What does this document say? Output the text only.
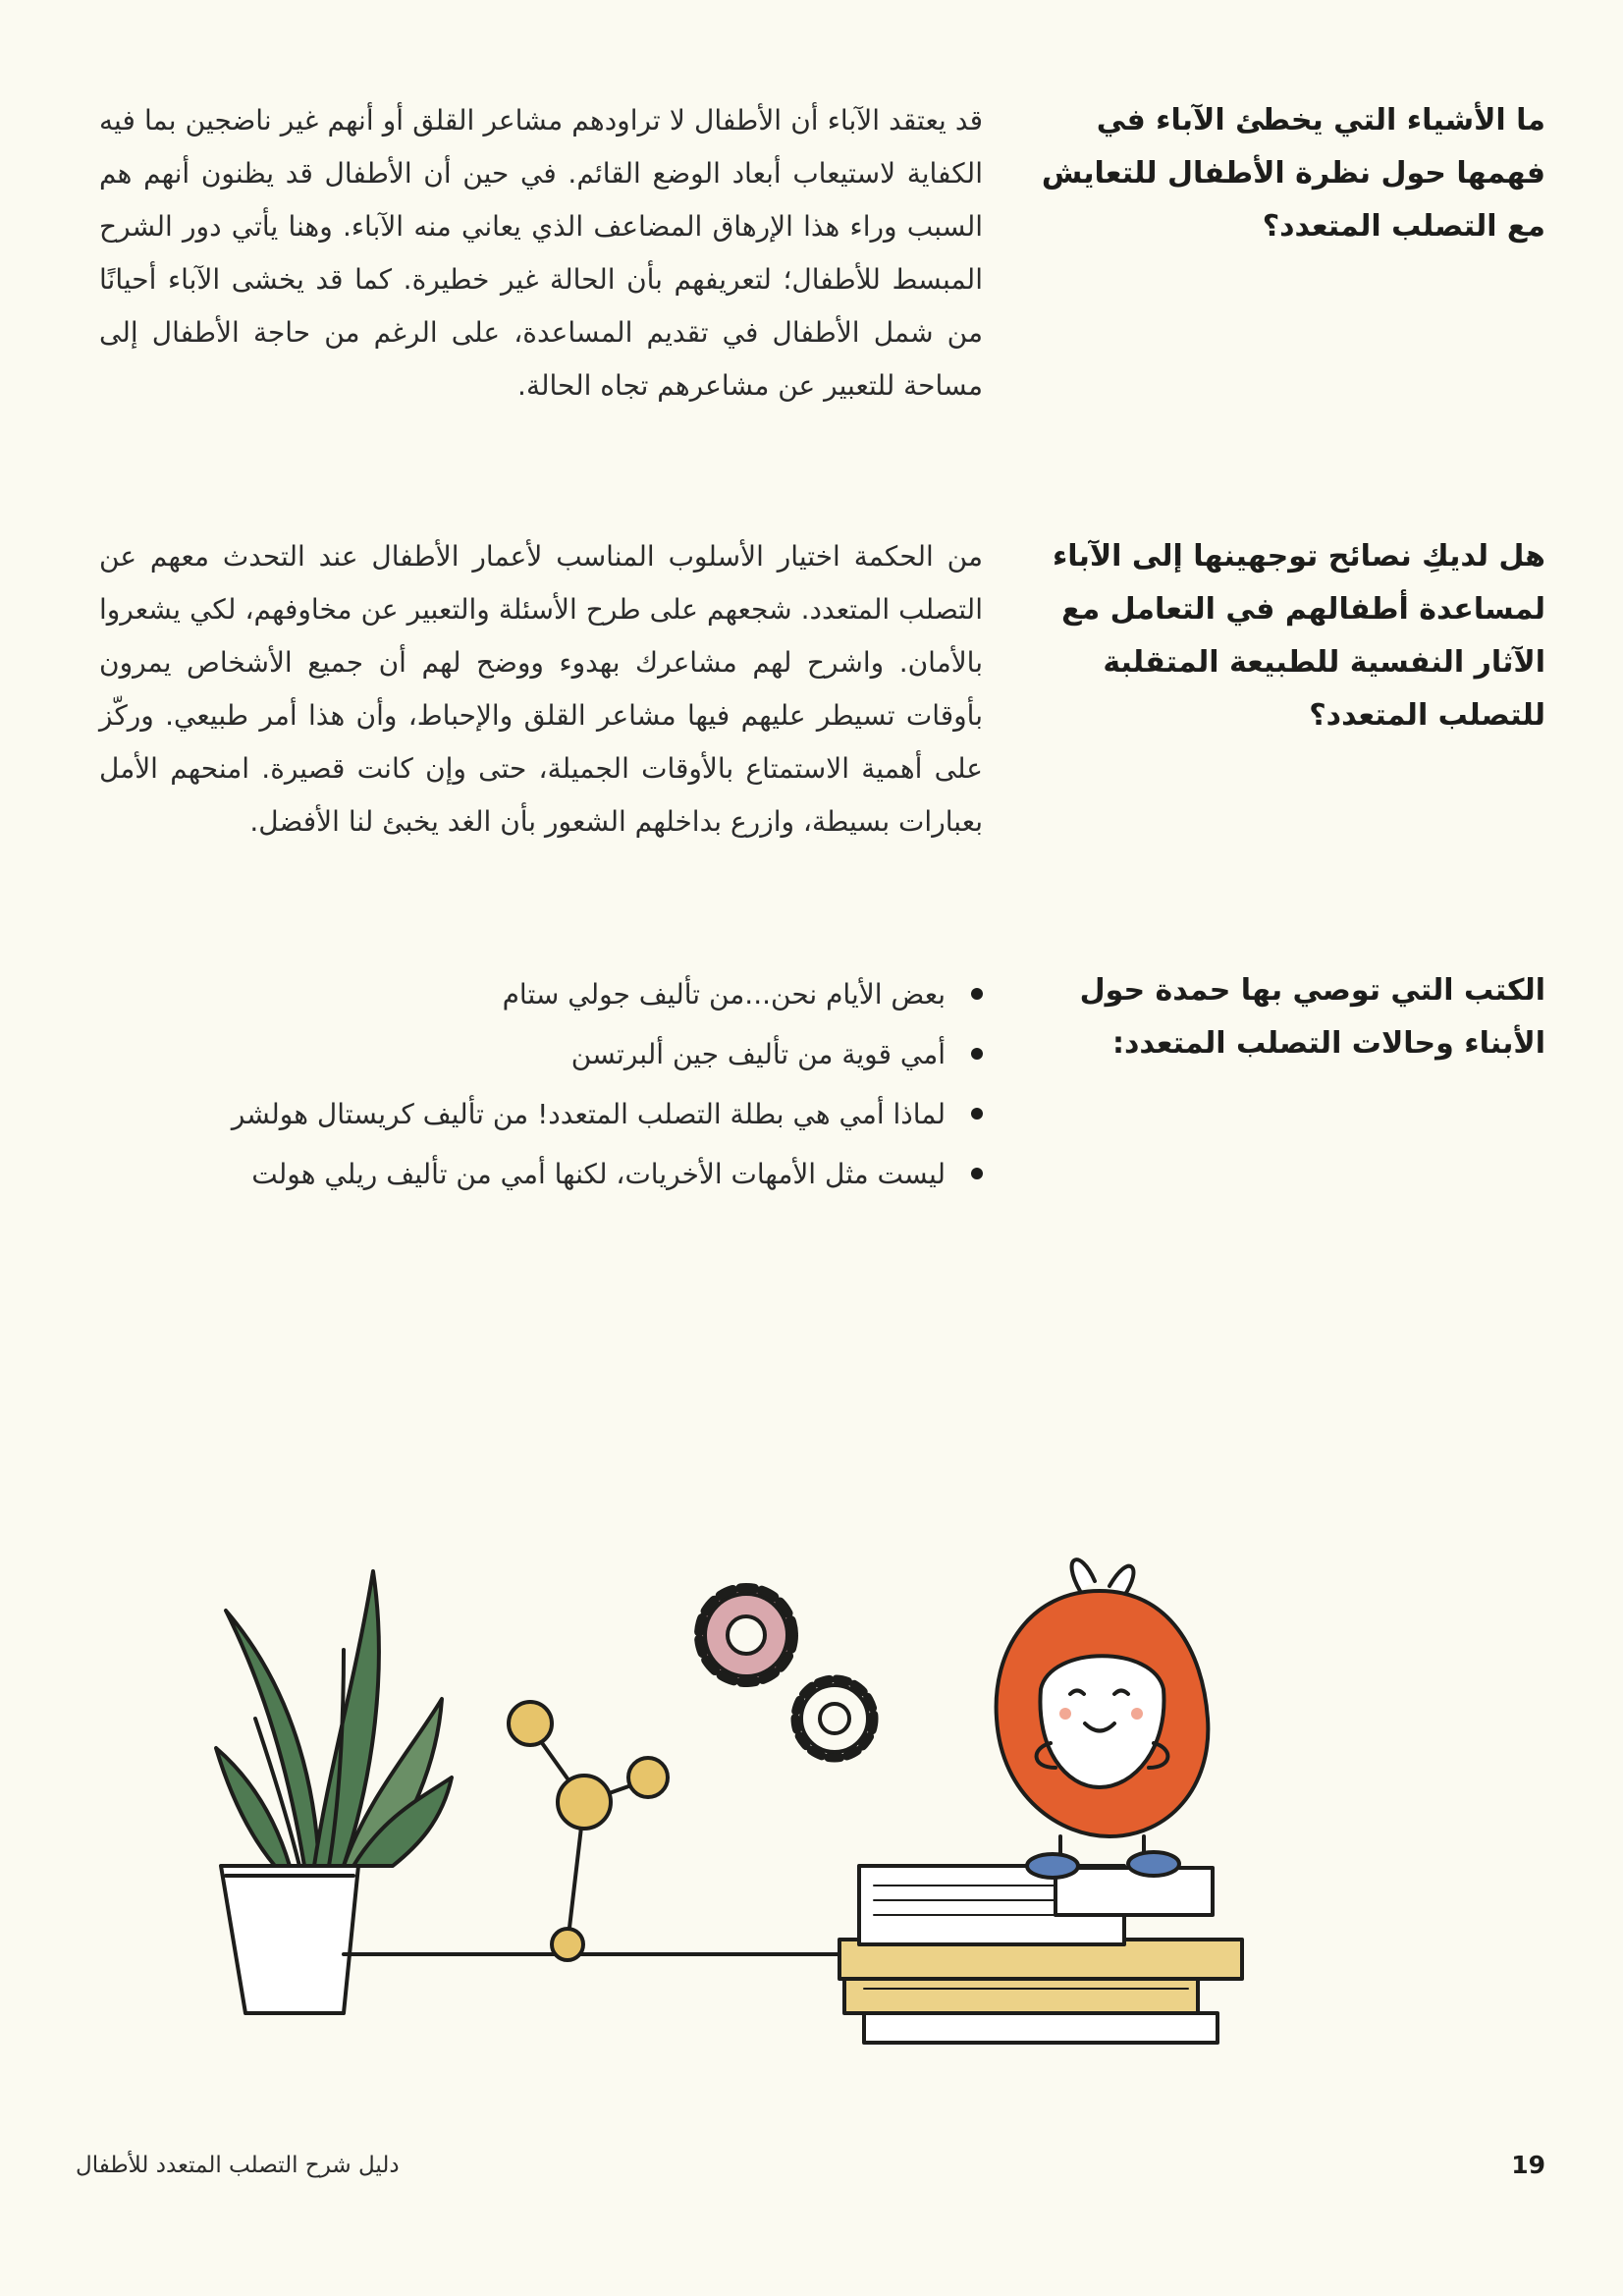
ما الأشياء التي يخطئ الآباء في فهمها حول نظرة الأطفال للتعايش مع التصلب المتعدد؟

قد يعتقد الآباء أن الأطفال لا تراودهم مشاعر القلق أو أنهم غير ناضجين بما فيه الكفاية لاستيعاب أبعاد الوضع القائم. في حين أن الأطفال قد يظنون أنهم هم السبب وراء هذا الإرهاق المضاعف الذي يعاني منه الآباء. وهنا يأتي دور الشرح المبسط للأطفال؛ لتعريفهم بأن الحالة غير خطيرة. كما قد يخشى الآباء أحيانًا من شمل الأطفال في تقديم المساعدة، على الرغم من حاجة الأطفال إلى مساحة للتعبير عن مشاعرهم تجاه الحالة.

هل لديكِ نصائح توجهينها إلى الآباء لمساعدة أطفالهم في التعامل مع الآثار النفسية للطبيعة المتقلبة للتصلب المتعدد؟

من الحكمة اختيار الأسلوب المناسب لأعمار الأطفال عند التحدث معهم عن التصلب المتعدد. شجعهم على طرح الأسئلة والتعبير عن مخاوفهم، لكي يشعروا بالأمان. واشرح لهم مشاعرك بهدوء ووضح لهم أن جميع الأشخاص يمرون بأوقات تسيطر عليهم فيها مشاعر القلق والإحباط، وأن هذا أمر طبيعي. وركّز على أهمية الاستمتاع بالأوقات الجميلة، حتى وإن كانت قصيرة. امنحهم الأمل بعبارات بسيطة، وازرع بداخلهم الشعور بأن الغد يخبئ لنا الأفضل.

الكتب التي توصي بها حمدة حول الأبناء وحالات التصلب المتعدد:

بعض الأيام نحن...من تأليف جولي ستام
أمي قوية من تأليف جين ألبرتسن
لماذا أمي هي بطلة التصلب المتعدد! من تأليف كريستال هولشر
ليست مثل الأمهات الأخريات، لكنها أمي من تأليف ريلي هولت
دليل شرح التصلب المتعدد للأطفال	19
